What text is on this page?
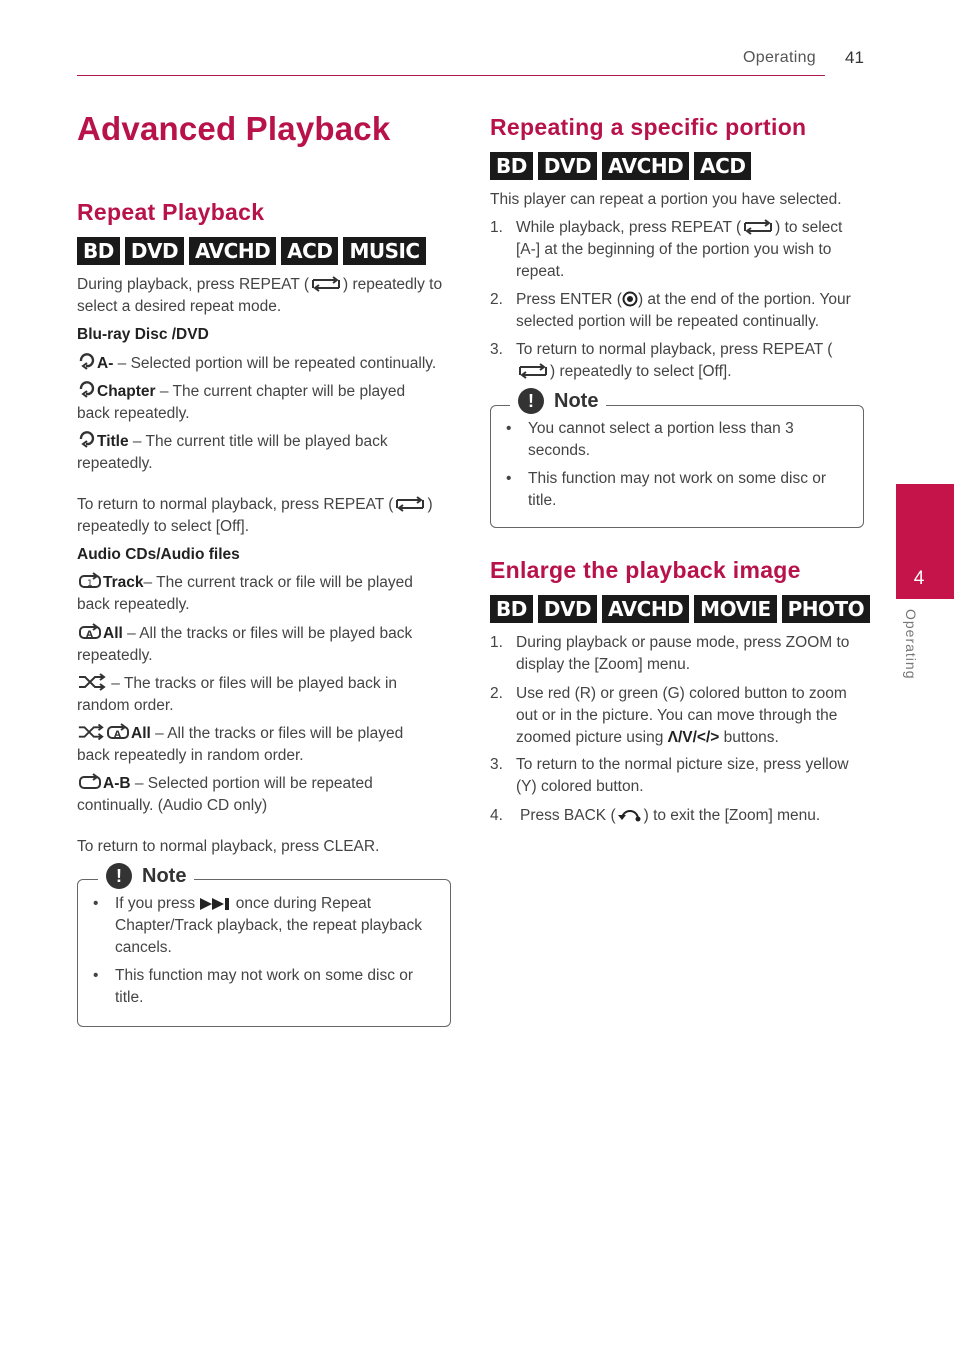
Operating 41
4
Operating
Advanced Playback
Repeat Playback
BD DVD AVCHD ACD MUSIC
During playback, press REPEAT ( ) repeatedly to select a desired repeat mode.
Blu-ray Disc /DVD
A- – Selected portion will be repeated continually.
Chapter – The current chapter will be played back repeatedly.
Title – The current title will be played back repeatedly.
To return to normal playback, press REPEAT ( ) repeatedly to select [Off].
Audio CDs/Audio files
1 Track– The current track or file will be played back repeatedly.
A All – All the tracks or files will be played back repeatedly.
– The tracks or files will be played back in random order.
A All – All the tracks or files will be played back repeatedly in random order.
A-B – Selected portion will be repeated continually. (Audio CD only)
To return to normal playback, press CLEAR.
!	Note
•	If you press  once during Repeat Chapter/Track playback, the repeat playback cancels.
•	This function may not work on some disc or title.
Repeating a specific portion
BD DVD AVCHD ACD
This player can repeat a portion you have selected.
1. While playback, press REPEAT ( ) to select [A-] at the beginning of the portion you wish to repeat.
2. Press ENTER ( ) at the end of the portion. Your selected portion will be repeated continually.
3. To return to normal playback, press REPEAT () repeatedly to select [Off].
!	Note
•	You cannot select a portion less than 3 seconds.
•	This function may not work on some disc or title.
Enlarge the playback image
BD DVD AVCHD MOVIE PHOTO
1. During playback or pause mode, press ZOOM to display the [Zoom] menu.
2. Use red (R) or green (G) colored button to zoom out or in the picture. You can move through the zoomed picture using Λ/V/</> buttons.
3. To return to the normal picture size, press yellow (Y) colored button.
4.	Press BACK ( ) to exit the [Zoom] menu.
